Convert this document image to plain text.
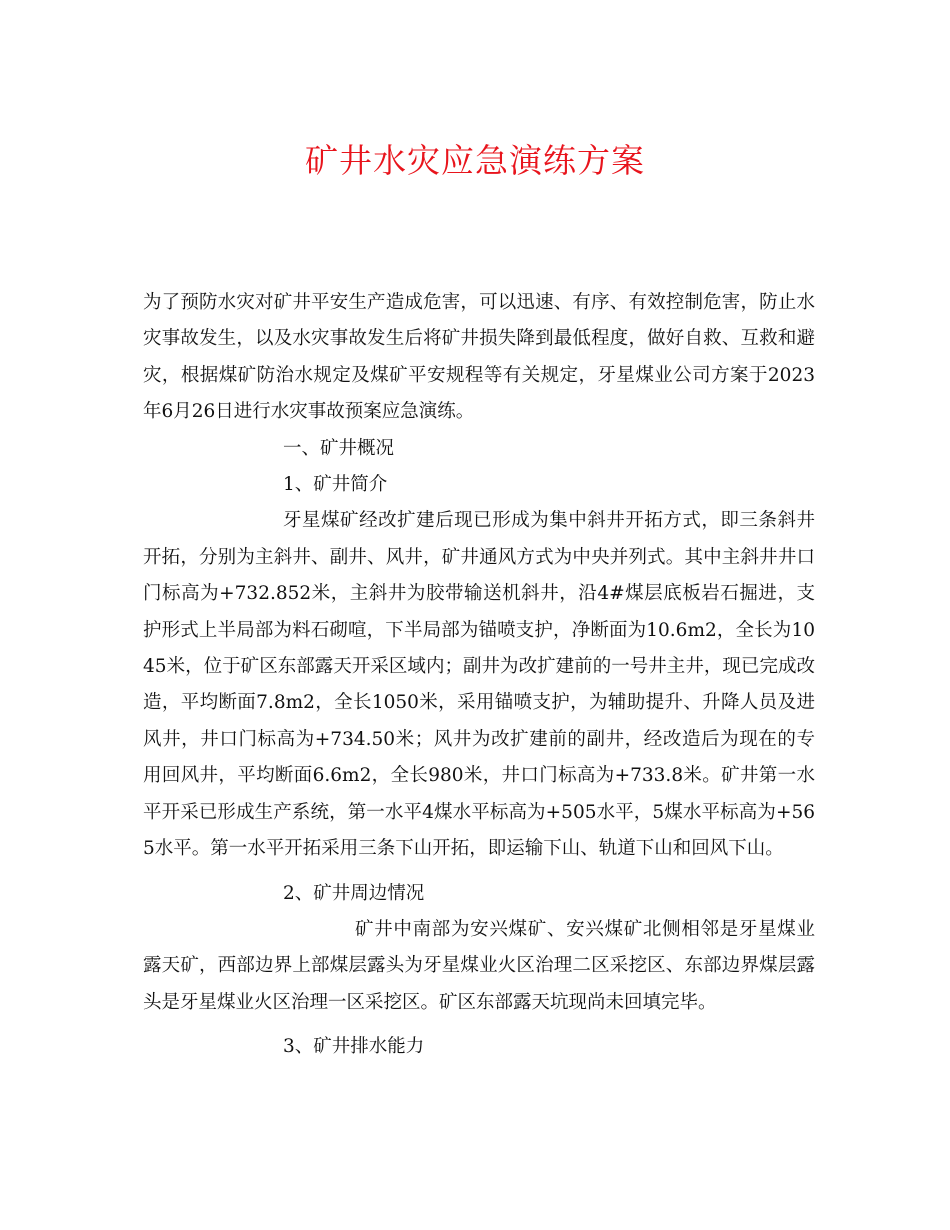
矿井水灾应急演练方案

为了预防水灾对矿井平安生产造成危害，可以迅速、有序、有效控制危害，防止水灾事故发生，以及水灾事故发生后将矿井损失降到最低程度，做好自救、互救和避灾，根据煤矿防治水规定及煤矿平安规程等有关规定，牙星煤业公司方案于2023年6月26日进行水灾事故预案应急演练。

一、矿井概况

1、矿井简介

牙星煤矿经改扩建后现已形成为集中斜井开拓方式，即三条斜井开拓，分别为主斜井、副井、风井，矿井通风方式为中央并列式。其中主斜井井口门标高为+732.852米，主斜井为胶带输送机斜井，沿4#煤层底板岩石掘进，支护形式上半局部为料石砌喧，下半局部为锚喷支护，净断面为10.6m2，全长为1045米，位于矿区东部露天开采区域内；副井为改扩建前的一号井主井，现已完成改造，平均断面7.8m2，全长1050米，采用锚喷支护，为辅助提升、升降人员及进风井，井口门标高为+734.50米；风井为改扩建前的副井，经改造后为现在的专用回风井，平均断面6.6m2，全长980米，井口门标高为+733.8米。矿井第一水平开采已形成生产系统，第一水平4煤水平标高为+505水平，5煤水平标高为+565水平。第一水平开拓采用三条下山开拓，即运输下山、轨道下山和回风下山。

2、矿井周边情况

矿井中南部为安兴煤矿、安兴煤矿北侧相邻是牙星煤业露天矿，西部边界上部煤层露头为牙星煤业火区治理二区采挖区、东部边界煤层露头是牙星煤业火区治理一区采挖区。矿区东部露天坑现尚未回填完毕。

3、矿井排水能力
